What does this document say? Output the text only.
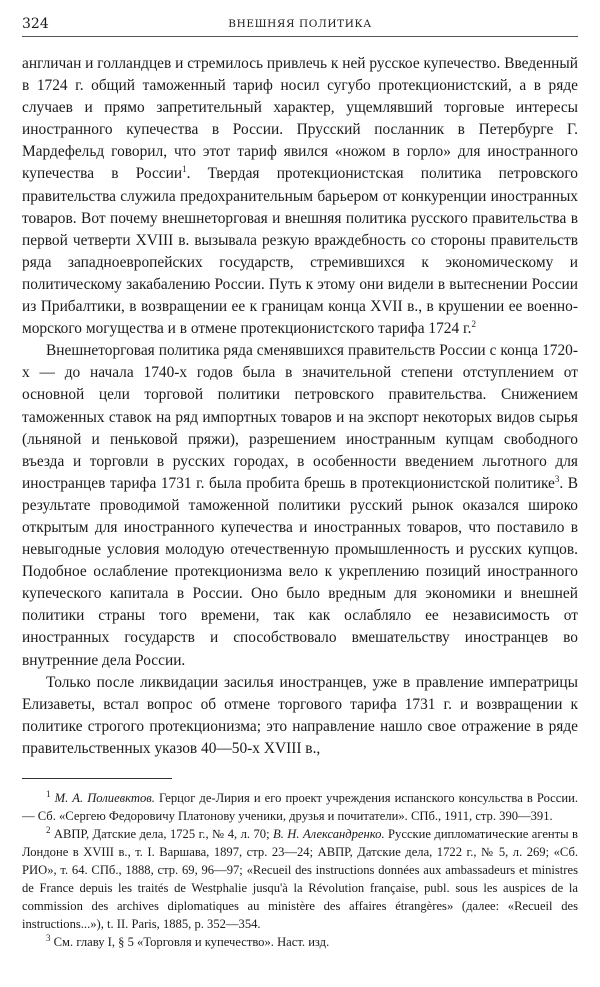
324	ВНЕШНЯЯ ПОЛИТИКА

англичан и голландцев и стремилось привлечь к ней русское купечество. Введенный в 1724 г. общий таможенный тариф носил сугубо протекционистский, а в ряде случаев и прямо запретительный характер, ущемлявший торговые интересы иностранного купечества в России. Прусский посланник в Петербурге Г. Мардефельд говорил, что этот тариф явился «ножом в горло» для иностранного купечества в России$^1$. Твердая протекционистская политика петровского правительства служила предохранительным барьером от конкуренции иностранных товаров. Вот почему внешнеторговая и внешняя политика русского правительства в первой четверти XVIII в. вызывала резкую враждебность со стороны правительств ряда западноевропейских государств, стремившихся к экономическому и политическому закабалению России. Путь к этому они видели в вытеснении России из Прибалтики, в возвращении ее к границам конца XVII в., в крушении ее военно-морского могущества и в отмене протекционистского тарифа 1724 г.$^2$

Внешнеторговая политика ряда сменявшихся правительств России с конца 1720-х — до начала 1740-х годов была в значительной степени отступлением от основной цели торговой политики петровского правительства. Снижением таможенных ставок на ряд импортных товаров и на экспорт некоторых видов сырья (льняной и пеньковой пряжи), разрешением иностранным купцам свободного въезда и торговли в русских городах, в особенности введением льготного для иностранцев тарифа 1731 г. была пробита брешь в протекционистской политике$^3$. В результате проводимой таможенной политики русский рынок оказался широко открытым для иностранного купечества и иностранных товаров, что поставило в невыгодные условия молодую отечественную промышленность и русских купцов. Подобное ослабление протекционизма вело к укреплению позиций иностранного купеческого капитала в России. Оно было вредным для экономики и внешней политики страны того времени, так как ослабляло ее независимость от иностранных государств и способствовало вмешательству иностранцев во внутренние дела России.

Только после ликвидации засилья иностранцев, уже в правление императрицы Елизаветы, встал вопрос об отмене торгового тарифа 1731 г. и возвращении к политике строгого протекционизма; это направление нашло свое отражение в ряде правительственных указов 40—50-х XVIII в.,

$^1$ М. А. Полиевктов. Герцог де-Лирия и его проект учреждения испанского консульства в России.— Сб. «Сергею Федоровичу Платонову ученики, друзья и почитатели». СПб., 1911, стр. 390—391.

$^2$ АВПР, Датские дела, 1725 г., № 4, л. 70; В. Н. Александренко. Русские дипломатические агенты в Лондоне в XVIII в., т. I. Варшава, 1897, стр. 23—24; АВПР, Датские дела, 1722 г., № 5, л. 269; «Сб. РИО», т. 64. СПб., 1888, стр. 69, 96—97; «Recueil des instructions données aux ambassadeurs et ministres de France depuis les traités de Westphalie jusqu'à la Révolution française, publ. sous les auspices de la commission des archives diplomatiques au ministère des affaires étrangères» (далее: «Recueil des instructions...»), t. II. Paris, 1885, p. 352—354.

$^3$ См. главу I, § 5 «Торговля и купечество». Наст. изд.
